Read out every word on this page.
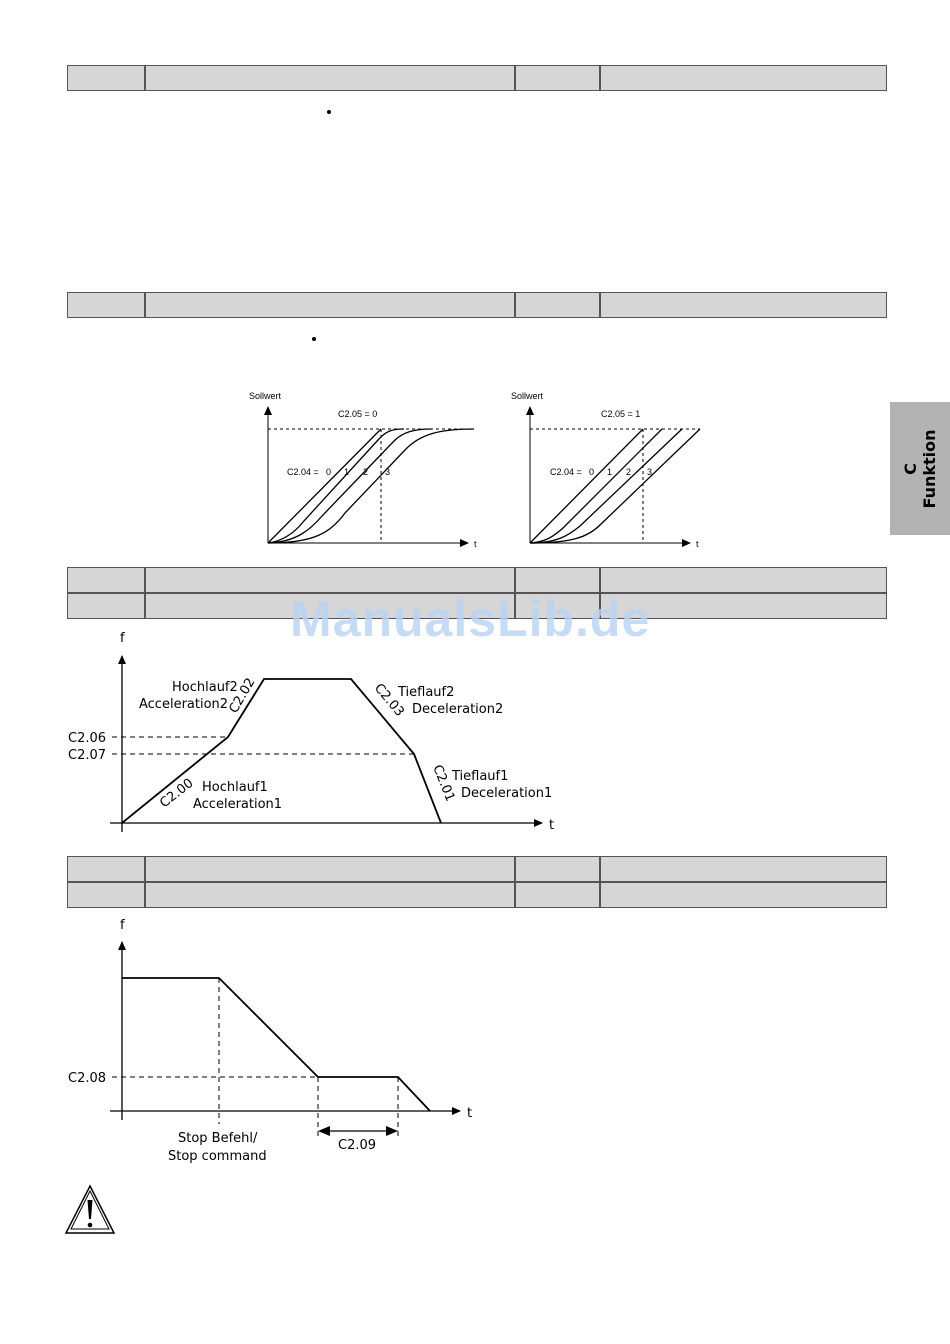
C Funktion
Sollwert
t
C2.05 = 0
C2.04 = 0 1 2 3
Sollwert
t
C2.05 = 1
C2.04 = 0 1 2 3
f
t
C2.06
C2.07
C2.00
C2.02	C2.03
C2.01
Hochlauf2
Acceleration2
Tieflauf2
Deceleration2
Hochlauf1
Acceleration1
Tieflauf1
Deceleration1
f
t
C2.08
C2.09
Stop Befehl/
Stop command
ManualsLib.de
